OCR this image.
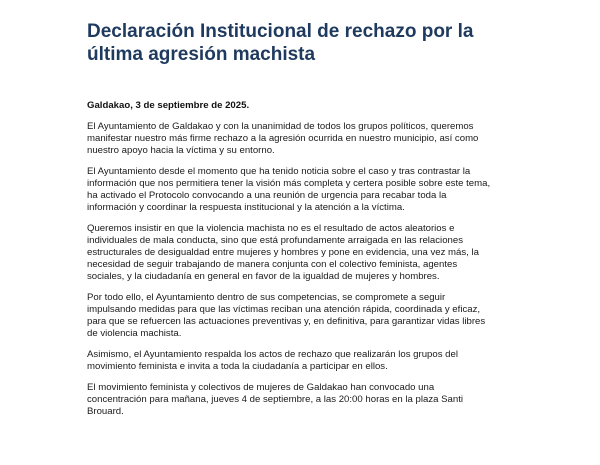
Declaración Institucional de rechazo por la
última agresión machista

Galdakao, 3 de septiembre de 2025.

El Ayuntamiento de Galdakao y con la unanimidad de todos los grupos políticos, queremos
manifestar nuestro más firme rechazo a la agresión ocurrida en nuestro municipio, así como
nuestro apoyo hacia la víctima y su entorno.

El Ayuntamiento desde el momento que ha tenido noticia sobre el caso y tras contrastar la
información que nos permitiera tener la visión más completa y certera posible sobre este tema,
ha activado el Protocolo convocando a una reunión de urgencia para recabar toda la
información y coordinar la respuesta institucional y la atención a la víctima.

Queremos insistir en que la violencia machista no es el resultado de actos aleatorios e
individuales de mala conducta, sino que está profundamente arraigada en las relaciones
estructurales de desigualdad entre mujeres y hombres y pone en evidencia, una vez más, la
necesidad de seguir trabajando de manera conjunta con el colectivo feminista, agentes
sociales, y la ciudadanía en general en favor de la igualdad de mujeres y hombres.

Por todo ello, el Ayuntamiento dentro de sus competencias, se compromete a seguir
impulsando medidas para que las víctimas reciban una atención rápida, coordinada y eficaz,
para que se refuercen las actuaciones preventivas y, en definitiva, para garantizar vidas libres
de violencia machista.

Asimismo, el Ayuntamiento respalda los actos de rechazo que realizarán los grupos del
movimiento feminista e invita a toda la ciudadanía a participar en ellos.

El movimiento feminista y colectivos de mujeres de Galdakao han convocado una
concentración para mañana, jueves 4 de septiembre, a las 20:00 horas en la plaza Santi
Brouard.
